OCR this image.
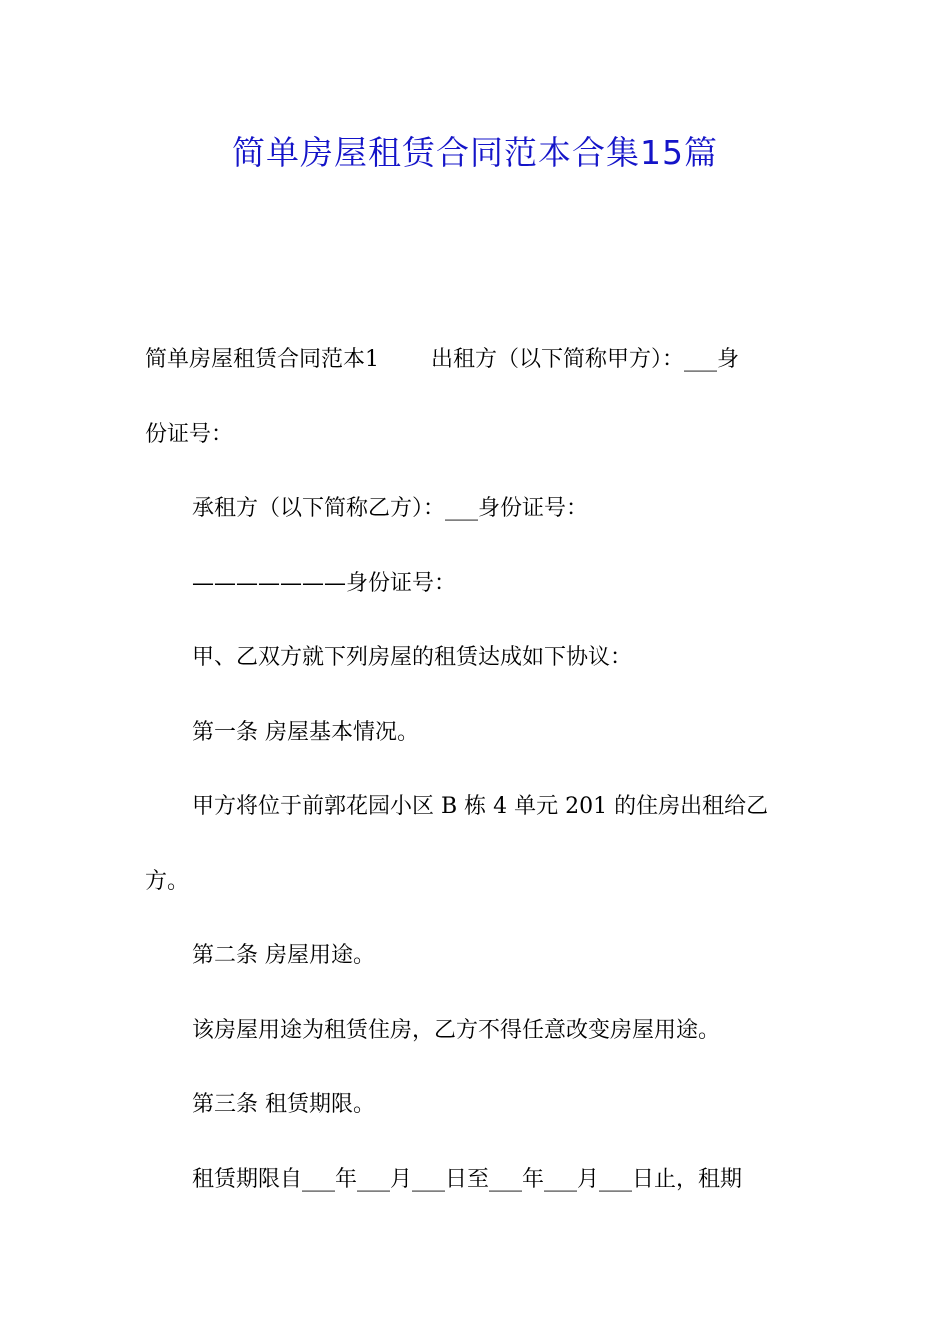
简单房屋租赁合同范本合集15篇
简单房屋租赁合同范本1 出租方（以下简称甲方）：___身
份证号：
承租方（以下简称乙方）：___身份证号：
———————身份证号：
甲、乙双方就下列房屋的租赁达成如下协议：
第一条 房屋基本情况。
甲方将位于前郭花园小区 B 栋 4 单元 201 的住房出租给乙
方。
第二条 房屋用途。
该房屋用途为租赁住房，乙方不得任意改变房屋用途。
第三条 租赁期限。
租赁期限自___年___月___日至___年___月___日止，租期
